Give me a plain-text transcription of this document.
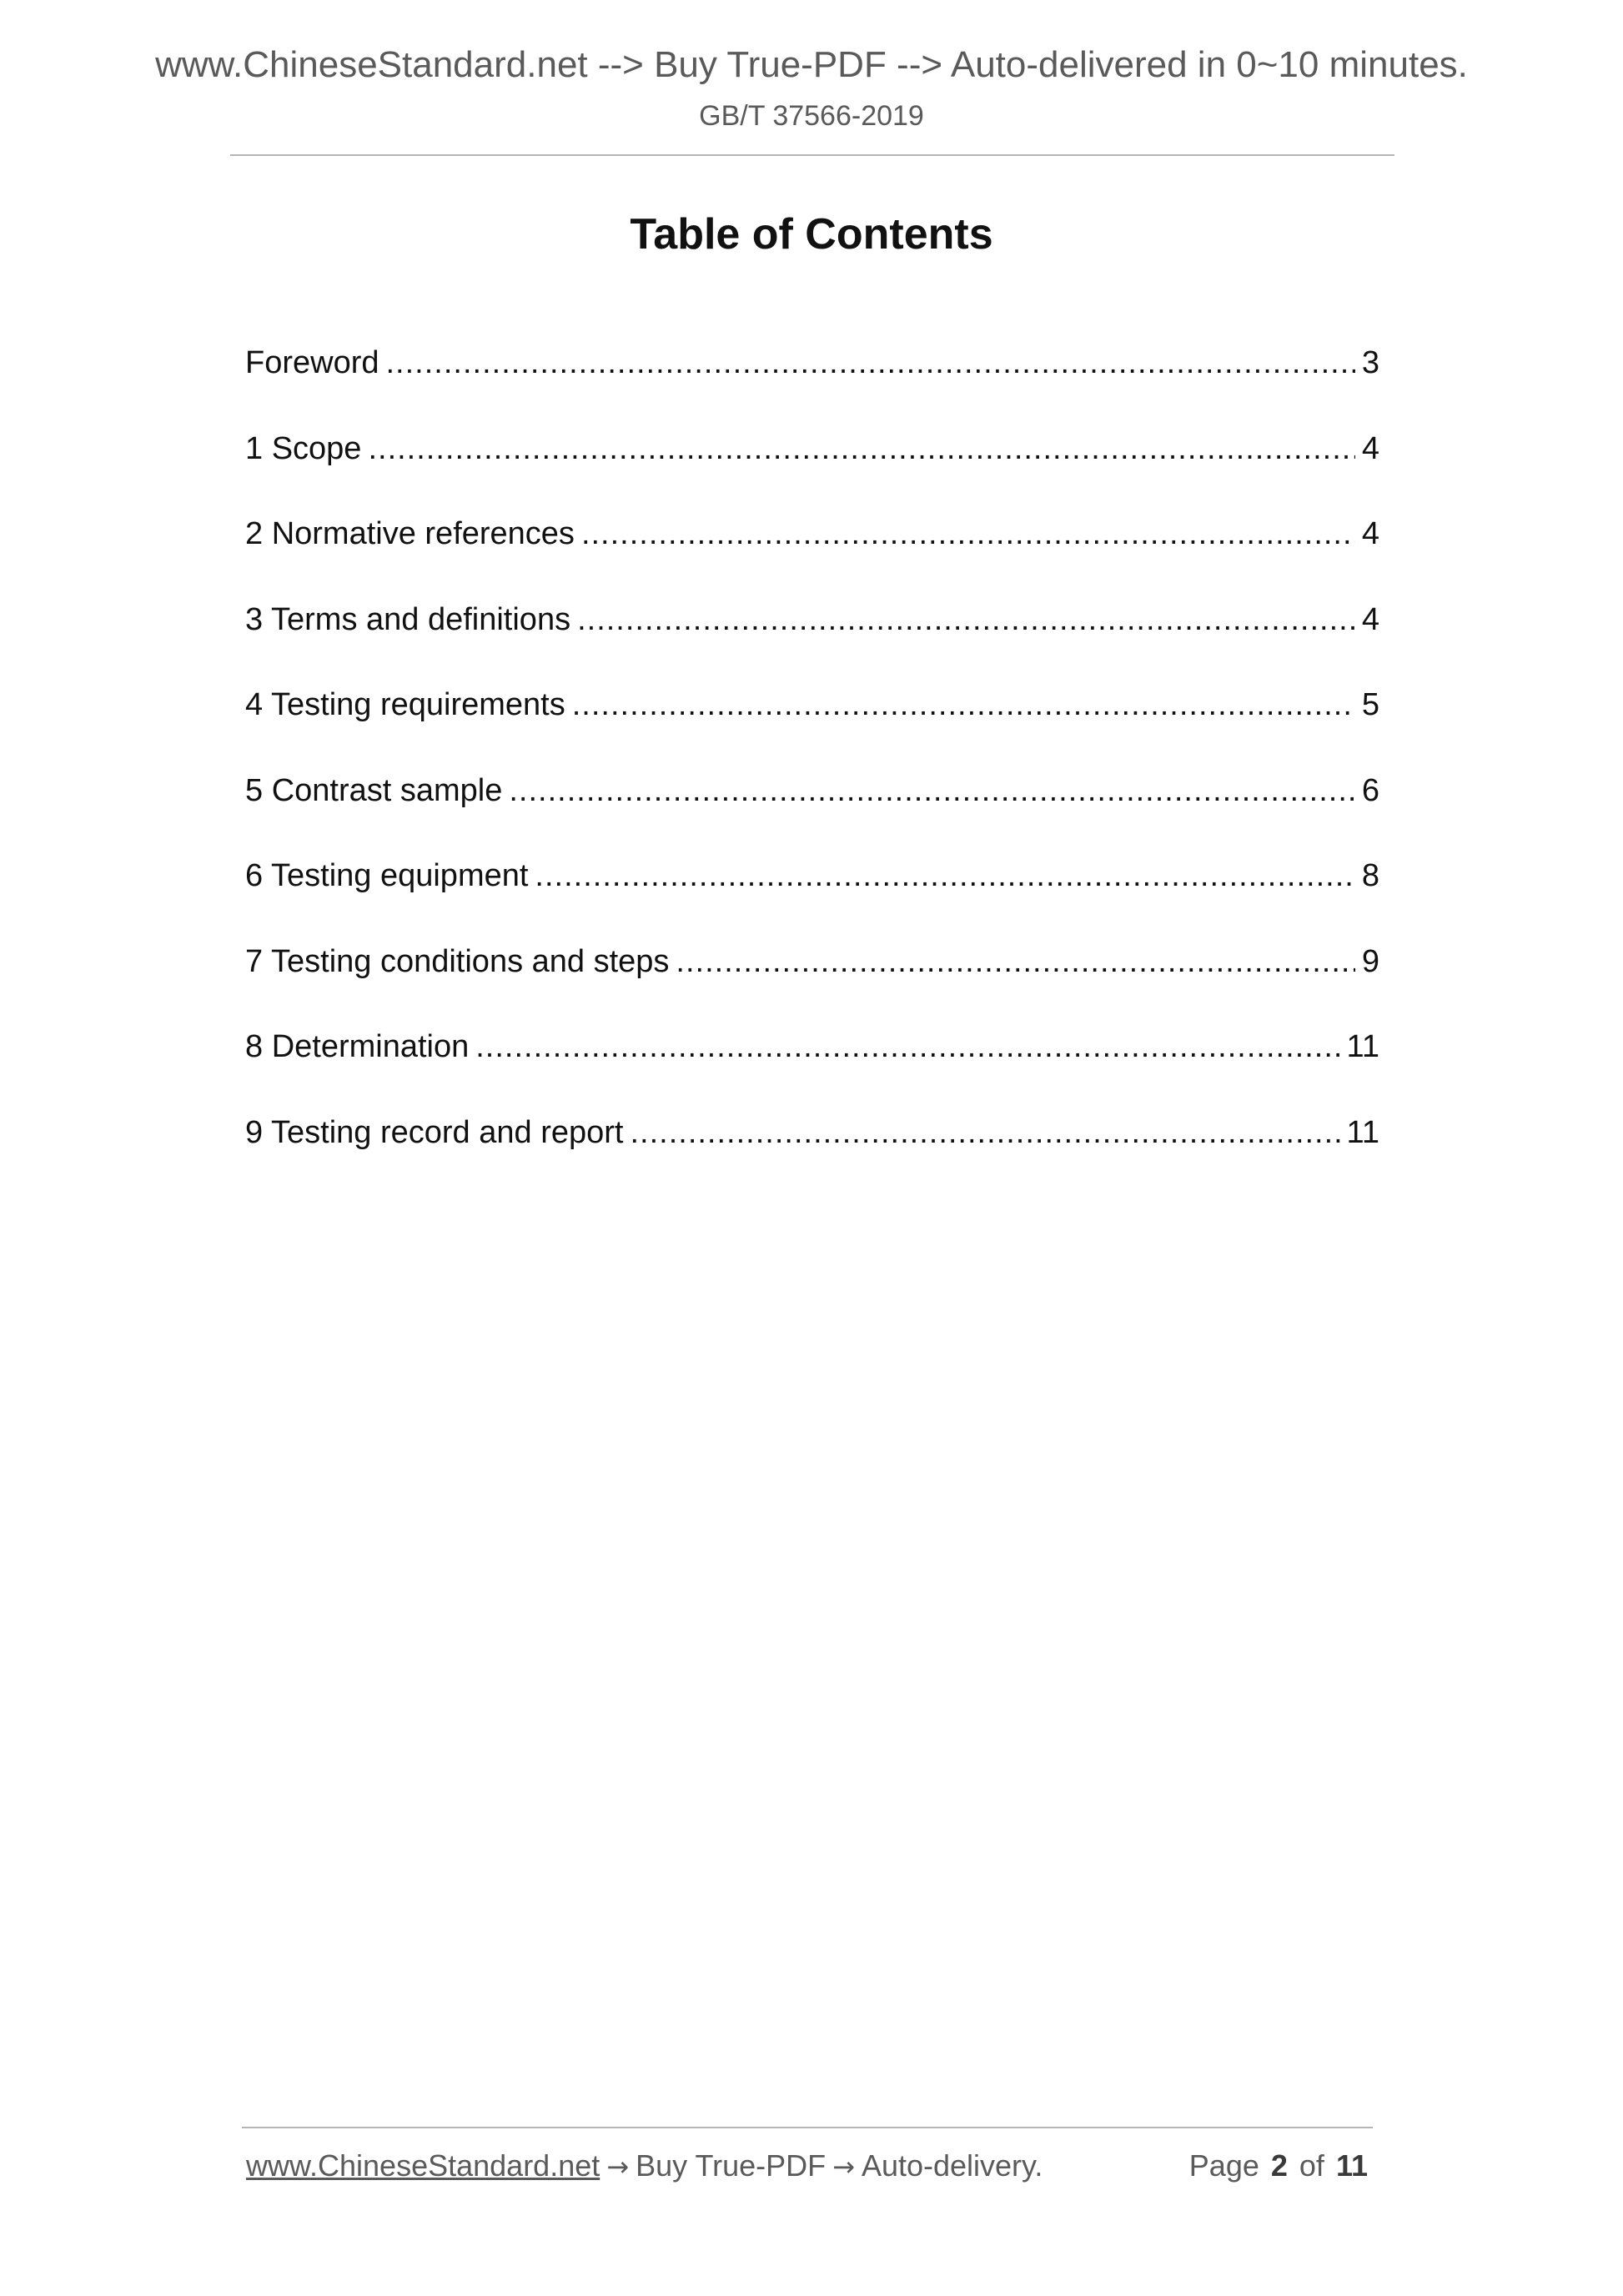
www.ChineseStandard.net --> Buy True-PDF --> Auto-delivered in 0~10 minutes.
GB/T 37566-2019
Table of Contents
Foreword .....	3
1 Scope .....	4
2 Normative references .....	4
3 Terms and definitions .....	4
4 Testing requirements .....	5
5 Contrast sample .....	6
6 Testing equipment .....	8
7 Testing conditions and steps .....	9
8 Determination .....	11
9 Testing record and report .....	11
www.ChineseStandard.net → Buy True-PDF → Auto-delivery.	Page 2 of 11
